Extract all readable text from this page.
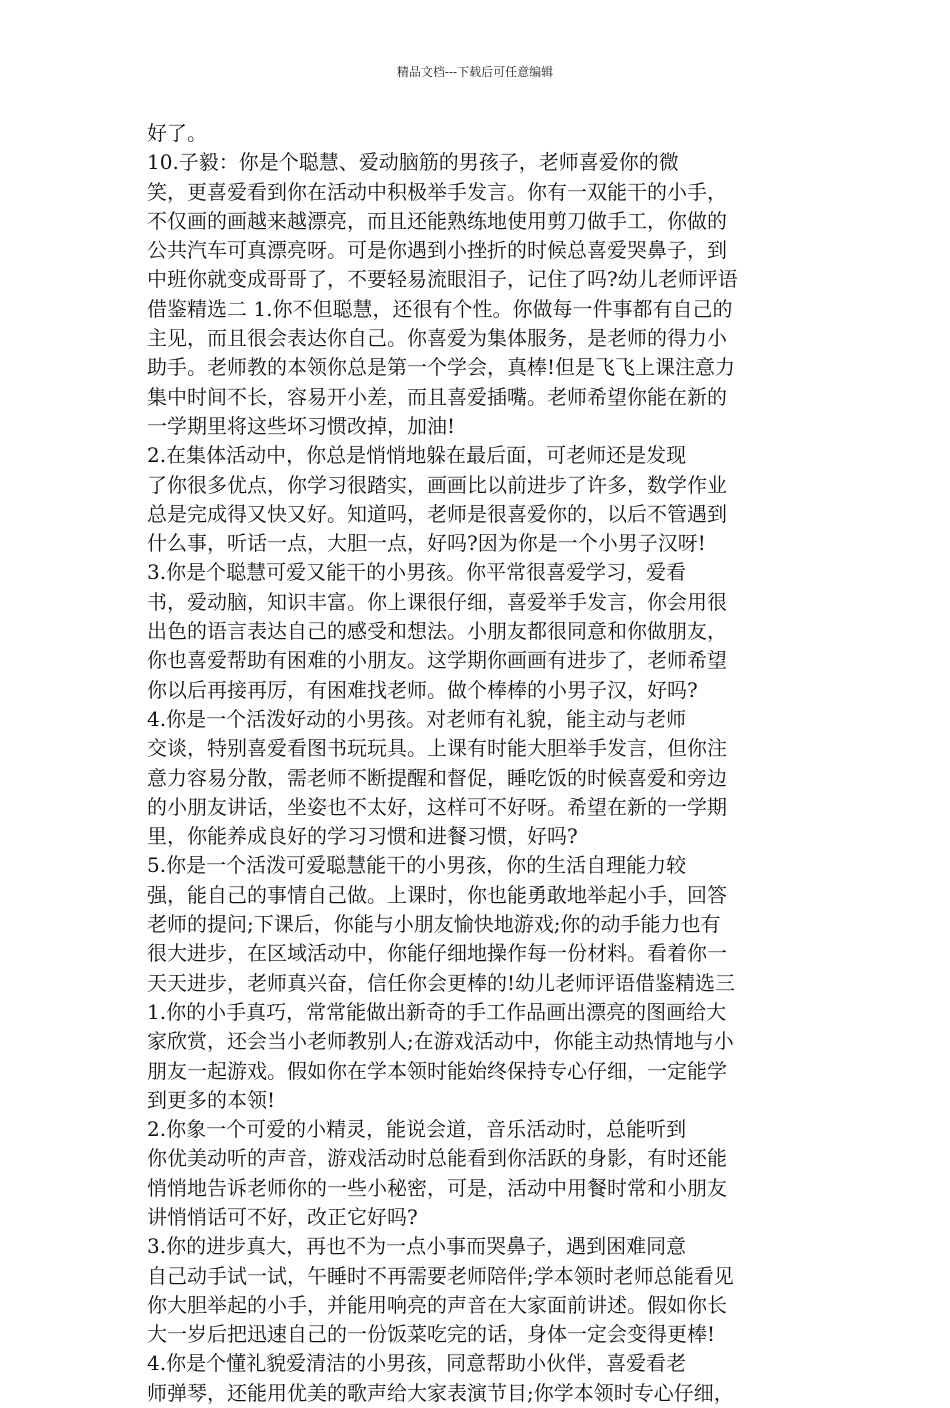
精品文档---下载后可任意编辑
好了。
10.子毅：你是个聪慧、爱动脑筋的男孩子，老师喜爱你的微
笑，更喜爱看到你在活动中积极举手发言。你有一双能干的小手，
不仅画的画越来越漂亮，而且还能熟练地使用剪刀做手工，你做的
公共汽车可真漂亮呀。可是你遇到小挫折的时候总喜爱哭鼻子，到
中班你就变成哥哥了，不要轻易流眼泪子，记住了吗?幼儿老师评语
借鉴精选二 1.你不但聪慧，还很有个性。你做每一件事都有自己的
主见，而且很会表达你自己。你喜爱为集体服务，是老师的得力小
助手。老师教的本领你总是第一个学会，真棒!但是飞飞上课注意力
集中时间不长，容易开小差，而且喜爱插嘴。老师希望你能在新的
一学期里将这些坏习惯改掉，加油!
2.在集体活动中，你总是悄悄地躲在最后面，可老师还是发现
了你很多优点，你学习很踏实，画画比以前进步了许多，数学作业
总是完成得又快又好。知道吗，老师是很喜爱你的，以后不管遇到
什么事，听话一点，大胆一点，好吗?因为你是一个小男子汉呀!
3.你是个聪慧可爱又能干的小男孩。你平常很喜爱学习，爱看
书，爱动脑，知识丰富。你上课很仔细，喜爱举手发言，你会用很
出色的语言表达自己的感受和想法。小朋友都很同意和你做朋友，
你也喜爱帮助有困难的小朋友。这学期你画画有进步了，老师希望
你以后再接再厉，有困难找老师。做个棒棒的小男子汉，好吗?
4.你是一个活泼好动的小男孩。对老师有礼貌，能主动与老师
交谈，特别喜爱看图书玩玩具。上课有时能大胆举手发言，但你注
意力容易分散，需老师不断提醒和督促，睡吃饭的时候喜爱和旁边
的小朋友讲话，坐姿也不太好，这样可不好呀。希望在新的一学期
里，你能养成良好的学习习惯和进餐习惯，好吗?
5.你是一个活泼可爱聪慧能干的小男孩，你的生活自理能力较
强，能自己的事情自己做。上课时，你也能勇敢地举起小手，回答
老师的提问;下课后，你能与小朋友愉快地游戏;你的动手能力也有
很大进步，在区域活动中，你能仔细地操作每一份材料。看着你一
天天进步，老师真兴奋，信任你会更棒的!幼儿老师评语借鉴精选三
1.你的小手真巧，常常能做出新奇的手工作品画出漂亮的图画给大
家欣赏，还会当小老师教别人;在游戏活动中，你能主动热情地与小
朋友一起游戏。假如你在学本领时能始终保持专心仔细，一定能学
到更多的本领!
2.你象一个可爱的小精灵，能说会道，音乐活动时，总能听到
你优美动听的声音，游戏活动时总能看到你活跃的身影，有时还能
悄悄地告诉老师你的一些小秘密，可是，活动中用餐时常和小朋友
讲悄悄话可不好，改正它好吗?
3.你的进步真大，再也不为一点小事而哭鼻子，遇到困难同意
自己动手试一试，午睡时不再需要老师陪伴;学本领时老师总能看见
你大胆举起的小手，并能用响亮的声音在大家面前讲述。假如你长
大一岁后把迅速自己的一份饭菜吃完的话，身体一定会变得更棒!
4.你是个懂礼貌爱清洁的小男孩，同意帮助小伙伴，喜爱看老
师弹琴，还能用优美的歌声给大家表演节目;你学本领时专心仔细，
